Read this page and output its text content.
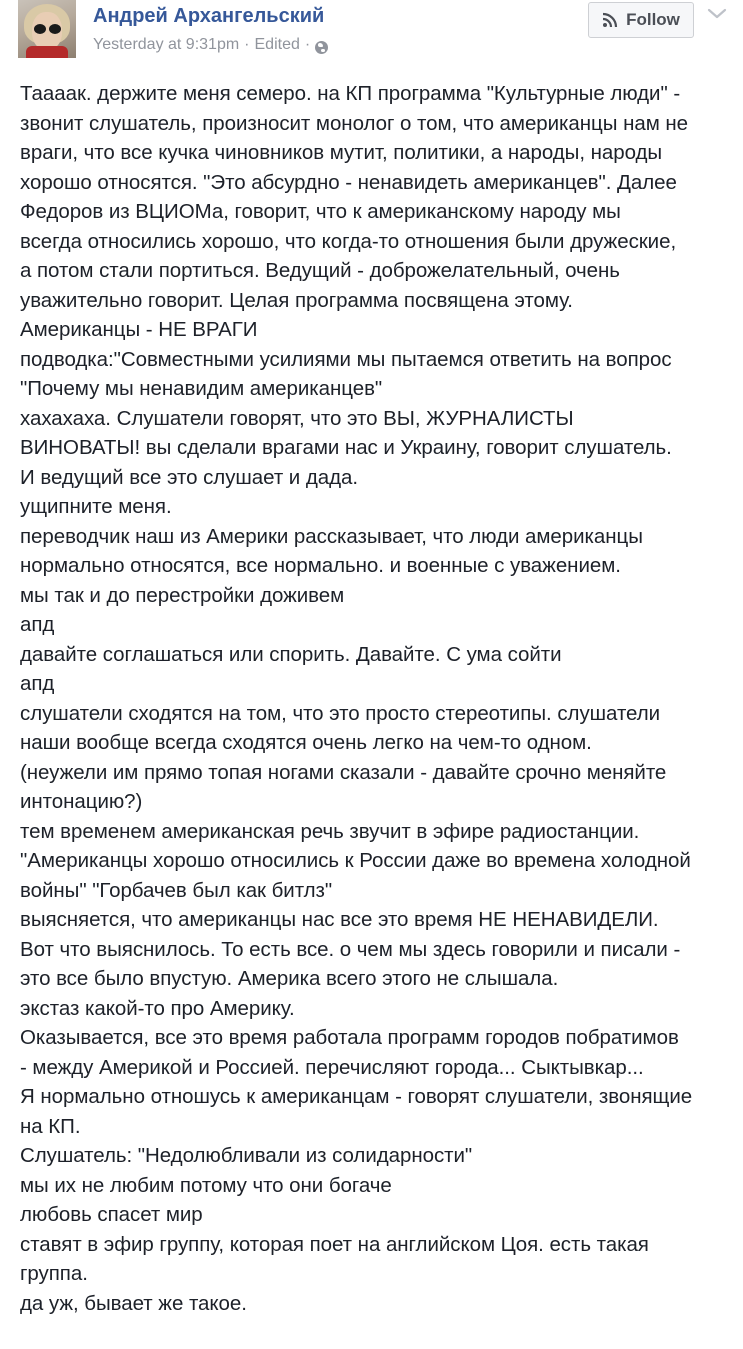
Андрей Архангельский
Yesterday at 9:31pm · Edited ·
Follow
Таааак. держите меня семеро. на КП программа "Культурные люди" -
звонит слушатель, произносит монолог о том, что американцы нам не
враги, что все кучка чиновников мутит, политики, а народы, народы
хорошо относятся. "Это абсурдно - ненавидеть американцев". Далее
Федоров из ВЦИОМа, говорит, что к американскому народу мы
всегда относились хорошо, что когда-то отношения были дружеские,
а потом стали портиться. Ведущий - доброжелательный, очень
уважительно говорит. Целая программа посвящена этому.
Американцы - НЕ ВРАГИ
подводка:"Совместными усилиями мы пытаемся ответить на вопрос
"Почему мы ненавидим американцев"
хахахаха. Слушатели говорят, что это ВЫ, ЖУРНАЛИСТЫ
ВИНОВАТЫ! вы сделали врагами нас и Украину, говорит слушатель.
И ведущий все это слушает и дада.
ущипните меня.
переводчик наш из Америки рассказывает, что люди американцы
нормально относятся, все нормально. и военные с уважением.
мы так и до перестройки доживем
апд
давайте соглашаться или спорить. Давайте. С ума сойти
апд
слушатели сходятся на том, что это просто стереотипы. слушатели
наши вообще всегда сходятся очень легко на чем-то одном.
(неужели им прямо топая ногами сказали - давайте срочно меняйте
интонацию?)
тем временем американская речь звучит в эфире радиостанции.
"Американцы хорошо относились к России даже во времена холодной
войны" "Горбачев был как битлз"
выясняется, что американцы нас все это время НЕ НЕНАВИДЕЛИ.
Вот что выяснилось. То есть все. о чем мы здесь говорили и писали -
это все было впустую. Америка всего этого не слышала.
экстаз какой-то про Америку.
Оказывается, все это время работала программ городов побратимов
- между Америкой и Россией. перечисляют города... Сыктывкар...
Я нормально отношусь к американцам - говорят слушатели, звонящие
на КП.
Слушатель: "Недолюбливали из солидарности"
мы их не любим потому что они богаче
любовь спасет мир
ставят в эфир группу, которая поет на английском Цоя. есть такая
группа.
да уж, бывает же такое.
